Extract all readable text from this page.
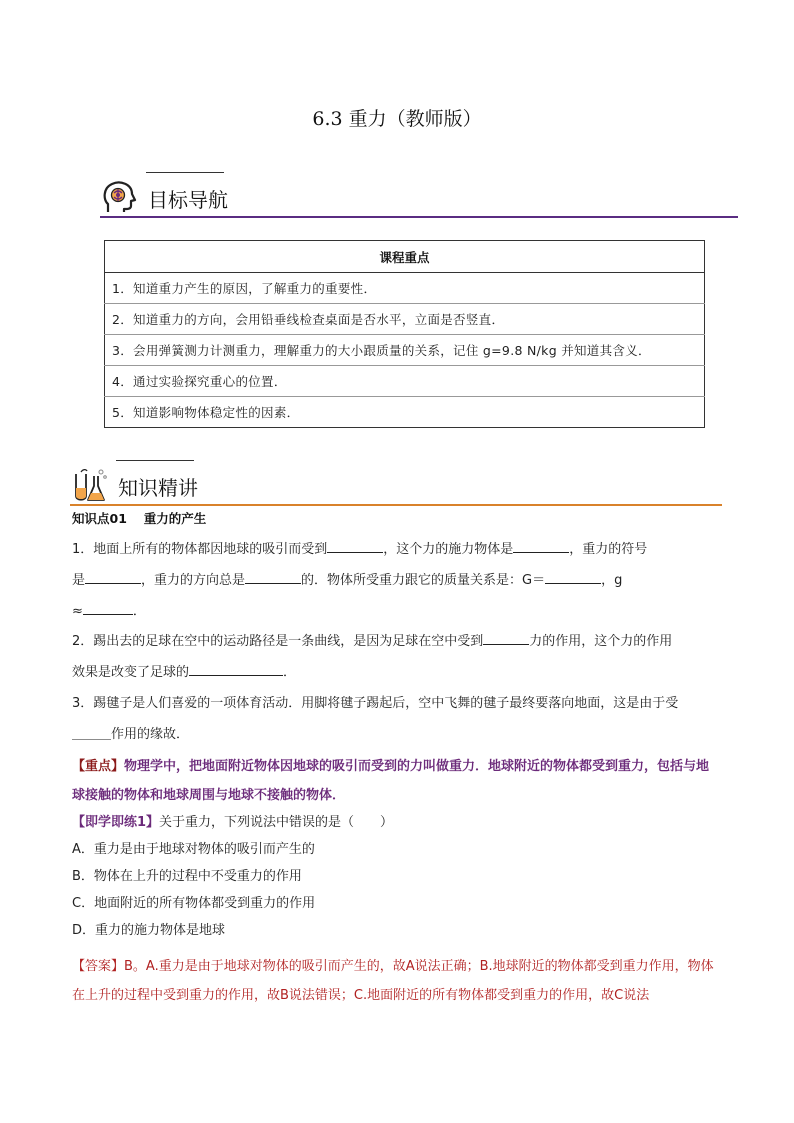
6.3 重力（教师版）
目标导航
课程重点
1．知道重力产生的原因，了解重力的重要性．
2．知道重力的方向，会用铅垂线检查桌面是否水平，立面是否竖直．
3．会用弹簧测力计测重力，理解重力的大小跟质量的关系，记住 g=9.8 N/kg 并知道其含义．
4．通过实验探究重心的位置．
5．知道影响物体稳定性的因素．
知识精讲
知识点01　 重力的产生
1．地面上所有的物体都因地球的吸引而受到	，这个力的施力物体是	，重力的符号
是	，重力的方向总是	的．物体所受重力跟它的质量关系是：G＝	，g
≈	．
2．踢出去的足球在空中的运动路径是一条曲线，是因为足球在空中受到	力的作用，这个力的作用
效果是改变了足球的	．
3．踢毽子是人们喜爱的一项体育活动．用脚将毽子踢起后，空中飞舞的毽子最终要落向地面，这是由于受
＿＿＿作用的缘故．
【重点】物理学中，把地面附近物体因地球的吸引而受到的力叫做重力．地球附近的物体都受到重力，包括与地球接触的物体和地球周围与地球不接触的物体．
【即学即练1】关于重力，下列说法中错误的是（　　）
A．重力是由于地球对物体的吸引而产生的
B．物体在上升的过程中不受重力的作用
C．地面附近的所有物体都受到重力的作用
D．重力的施力物体是地球
【答案】B。A.重力是由于地球对物体的吸引而产生的，故A说法正确；B.地球附近的物体都受到重力作用，物体在上升的过程中受到重力的作用，故B说法错误；C.地面附近的所有物体都受到重力的作用，故C说法
